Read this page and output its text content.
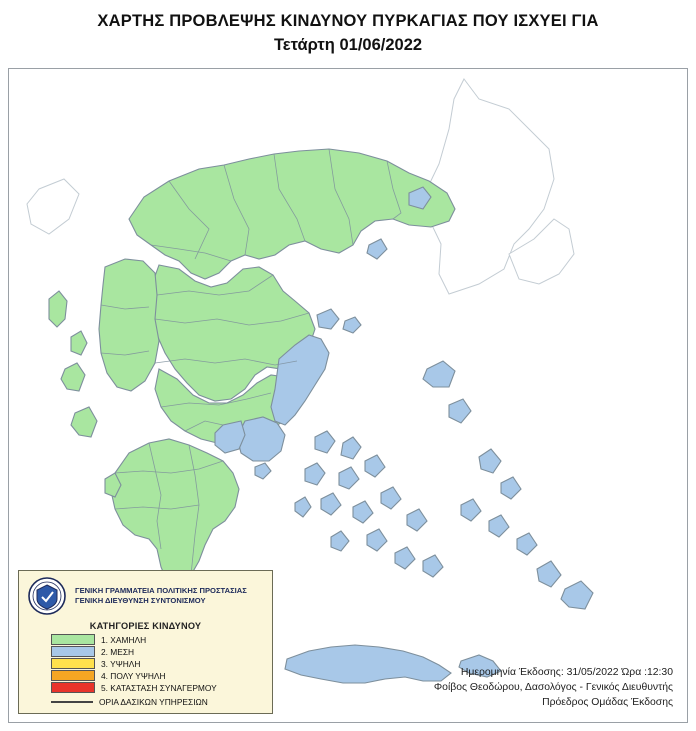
ΧΑΡΤΗΣ ΠΡΟΒΛΕΨΗΣ ΚΙΝΔΥΝΟΥ ΠΥΡΚΑΓΙΑΣ ΠΟΥ ΙΣΧΥΕΙ ΓΙΑ
Τετάρτη 01/06/2022
ΓΕΝΙΚΗ ΓΡΑΜΜΑΤΕΙΑ ΠΟΛΙΤΙΚΗΣ ΠΡΟΣΤΑΣΙΑΣ
ΓΕΝΙΚΗ ΔΙΕΥΘΥΝΣΗ ΣΥΝΤΟΝΙΣΜΟΥ
ΚΑΤΗΓΟΡΙΕΣ ΚΙΝΔΥΝΟΥ
1. ΧΑΜΗΛΗ
2. ΜΕΣΗ
3. ΥΨΗΛΗ
4. ΠΟΛΥ ΥΨΗΛΗ
5. ΚΑΤΑΣΤΑΣΗ ΣΥΝΑΓΕΡΜΟΥ
ΟΡΙΑ ΔΑΣΙΚΩΝ ΥΠΗΡΕΣΙΩΝ
Ημερομηνία Έκδοσης: 31/05/2022 Ώρα :12:30
Φοίβος Θεοδώρου, Δασολόγος - Γενικός Διευθυντής
Πρόεδρος Ομάδας Έκδοσης
